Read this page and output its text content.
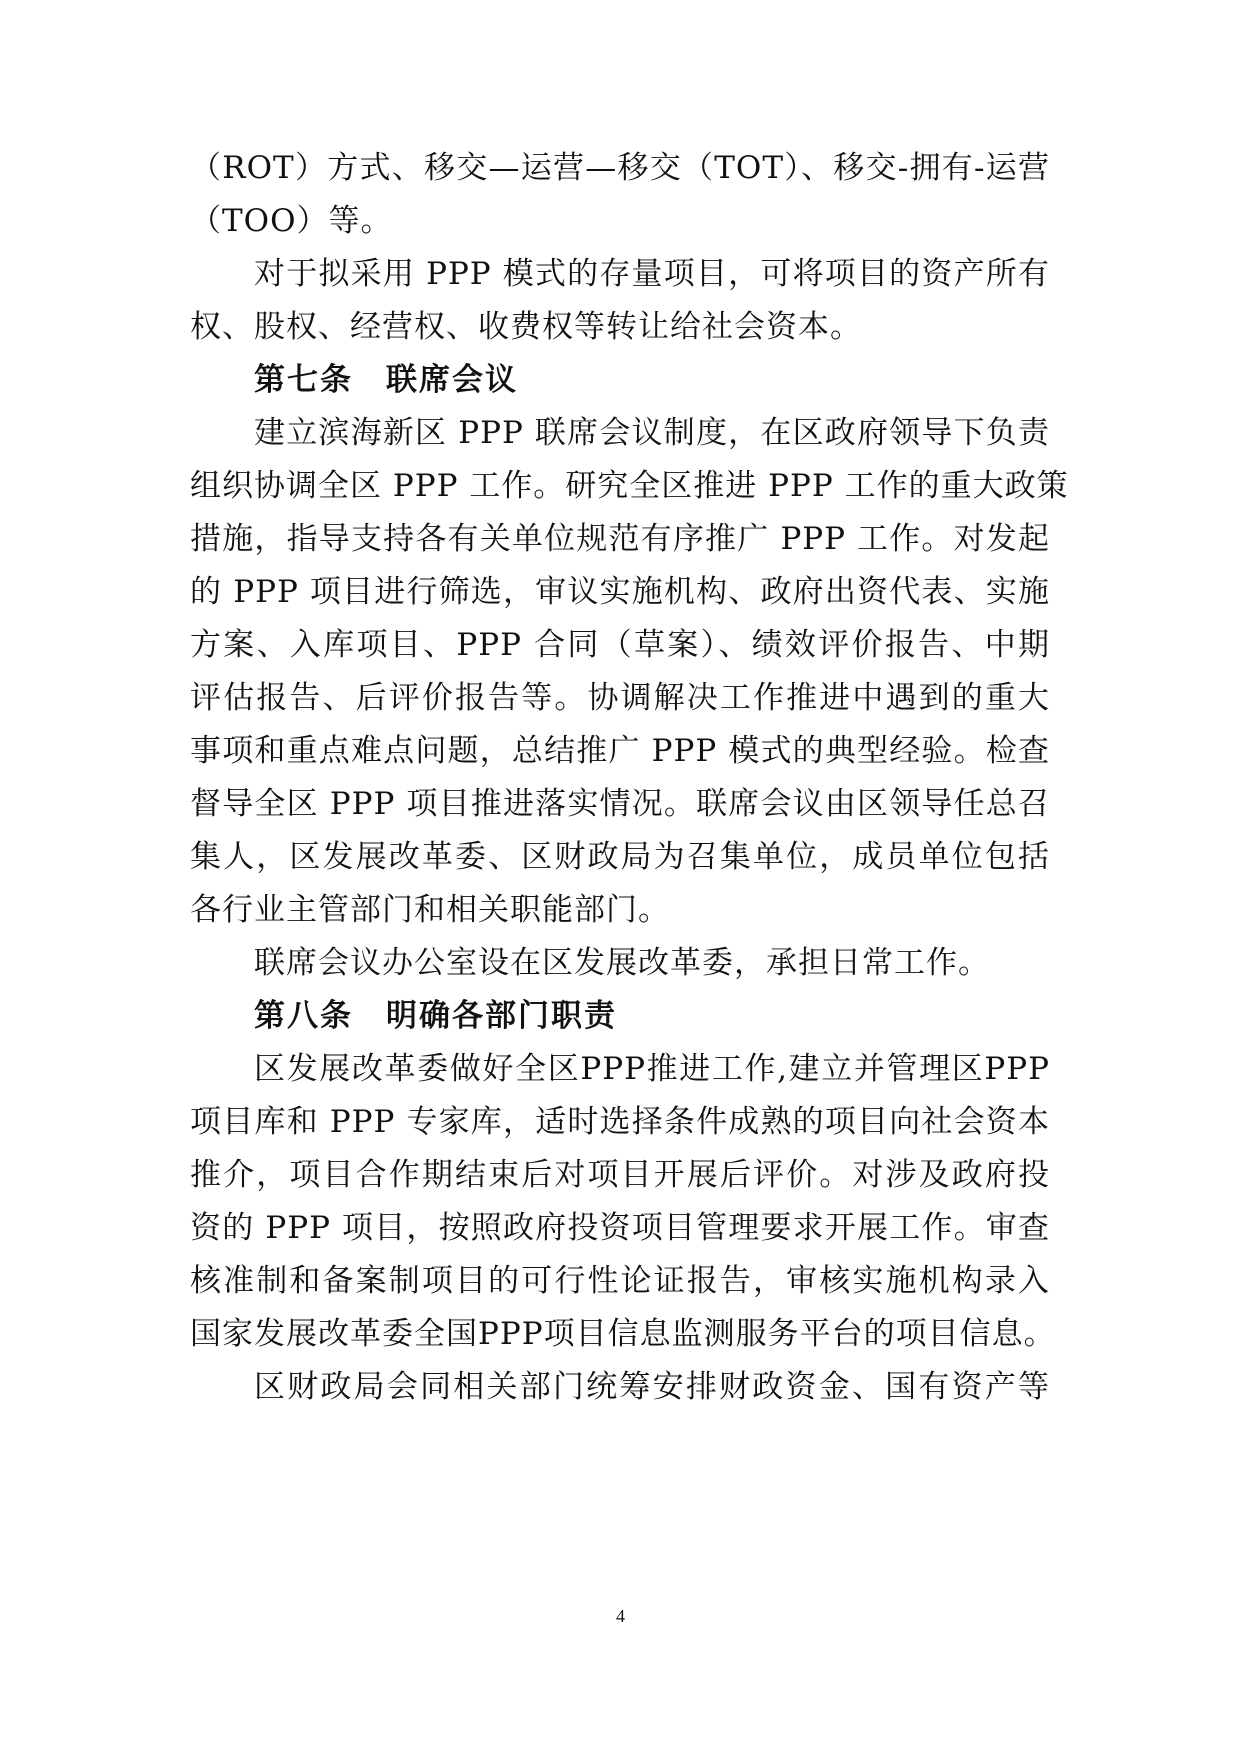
（ROT）方式、移交—运营—移交（TOT）、移交-拥有-运营
（TOO）等。
对于拟采用 PPP 模式的存量项目，可将项目的资产所有
权、股权、经营权、收费权等转让给社会资本。
第七条　联席会议
建立滨海新区 PPP 联席会议制度，在区政府领导下负责
组织协调全区 PPP 工作。研究全区推进 PPP 工作的重大政策
措施，指导支持各有关单位规范有序推广 PPP 工作。对发起
的 PPP 项目进行筛选，审议实施机构、政府出资代表、实施
方案、入库项目、PPP 合同（草案）、绩效评价报告、中期
评估报告、后评价报告等。协调解决工作推进中遇到的重大
事项和重点难点问题，总结推广 PPP 模式的典型经验。检查
督导全区 PPP 项目推进落实情况。联席会议由区领导任总召
集人，区发展改革委、区财政局为召集单位，成员单位包括
各行业主管部门和相关职能部门。
联席会议办公室设在区发展改革委，承担日常工作。
第八条　明确各部门职责
区发展改革委做好全区PPP推进工作,建立并管理区PPP
项目库和 PPP 专家库，适时选择条件成熟的项目向社会资本
推介，项目合作期结束后对项目开展后评价。对涉及政府投
资的 PPP 项目，按照政府投资项目管理要求开展工作。审查
核准制和备案制项目的可行性论证报告，审核实施机构录入
国家发展改革委全国PPP项目信息监测服务平台的项目信息。
区财政局会同相关部门统筹安排财政资金、国有资产等
4
